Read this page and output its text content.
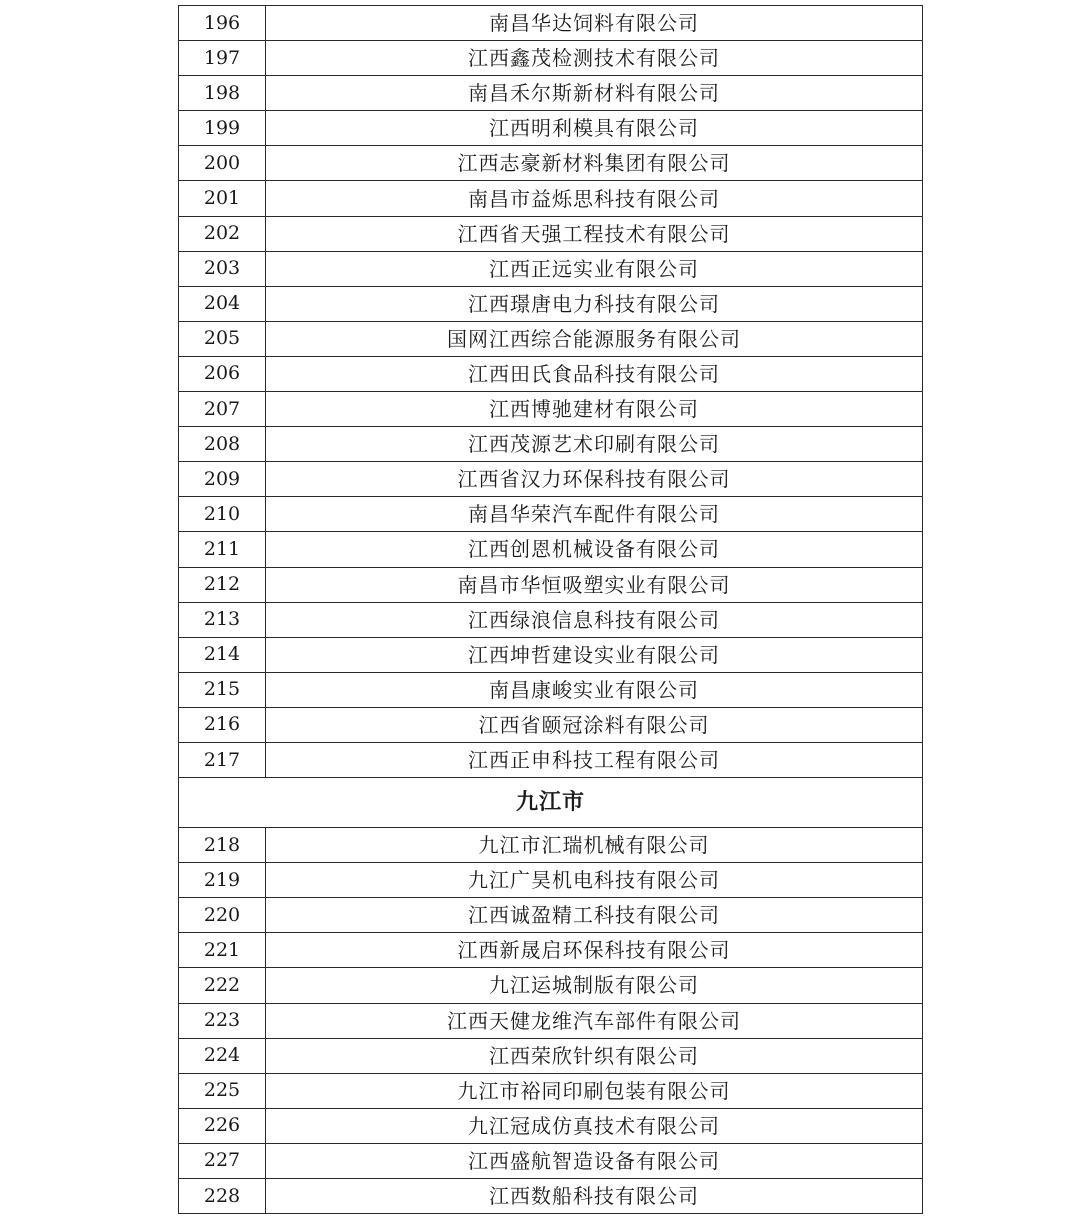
196	南昌华达饲料有限公司
197	江西鑫茂检测技术有限公司
198	南昌禾尔斯新材料有限公司
199	江西明利模具有限公司
200	江西志豪新材料集团有限公司
201	南昌市益烁思科技有限公司
202	江西省天强工程技术有限公司
203	江西正远实业有限公司
204	江西璟唐电力科技有限公司
205	国网江西综合能源服务有限公司
206	江西田氏食品科技有限公司
207	江西博驰建材有限公司
208	江西茂源艺术印刷有限公司
209	江西省汉力环保科技有限公司
210	南昌华荣汽车配件有限公司
211	江西创恩机械设备有限公司
212	南昌市华恒吸塑实业有限公司
213	江西绿浪信息科技有限公司
214	江西坤哲建设实业有限公司
215	南昌康峻实业有限公司
216	江西省颐冠涂料有限公司
217	江西正申科技工程有限公司
九江市	
218	九江市汇瑞机械有限公司
219	九江广昊机电科技有限公司
220	江西诚盈精工科技有限公司
221	江西新晟启环保科技有限公司
222	九江运城制版有限公司
223	江西天健龙维汽车部件有限公司
224	江西荣欣针织有限公司
225	九江市裕同印刷包装有限公司
226	九江冠成仿真技术有限公司
227	江西盛航智造设备有限公司
228	江西数船科技有限公司
